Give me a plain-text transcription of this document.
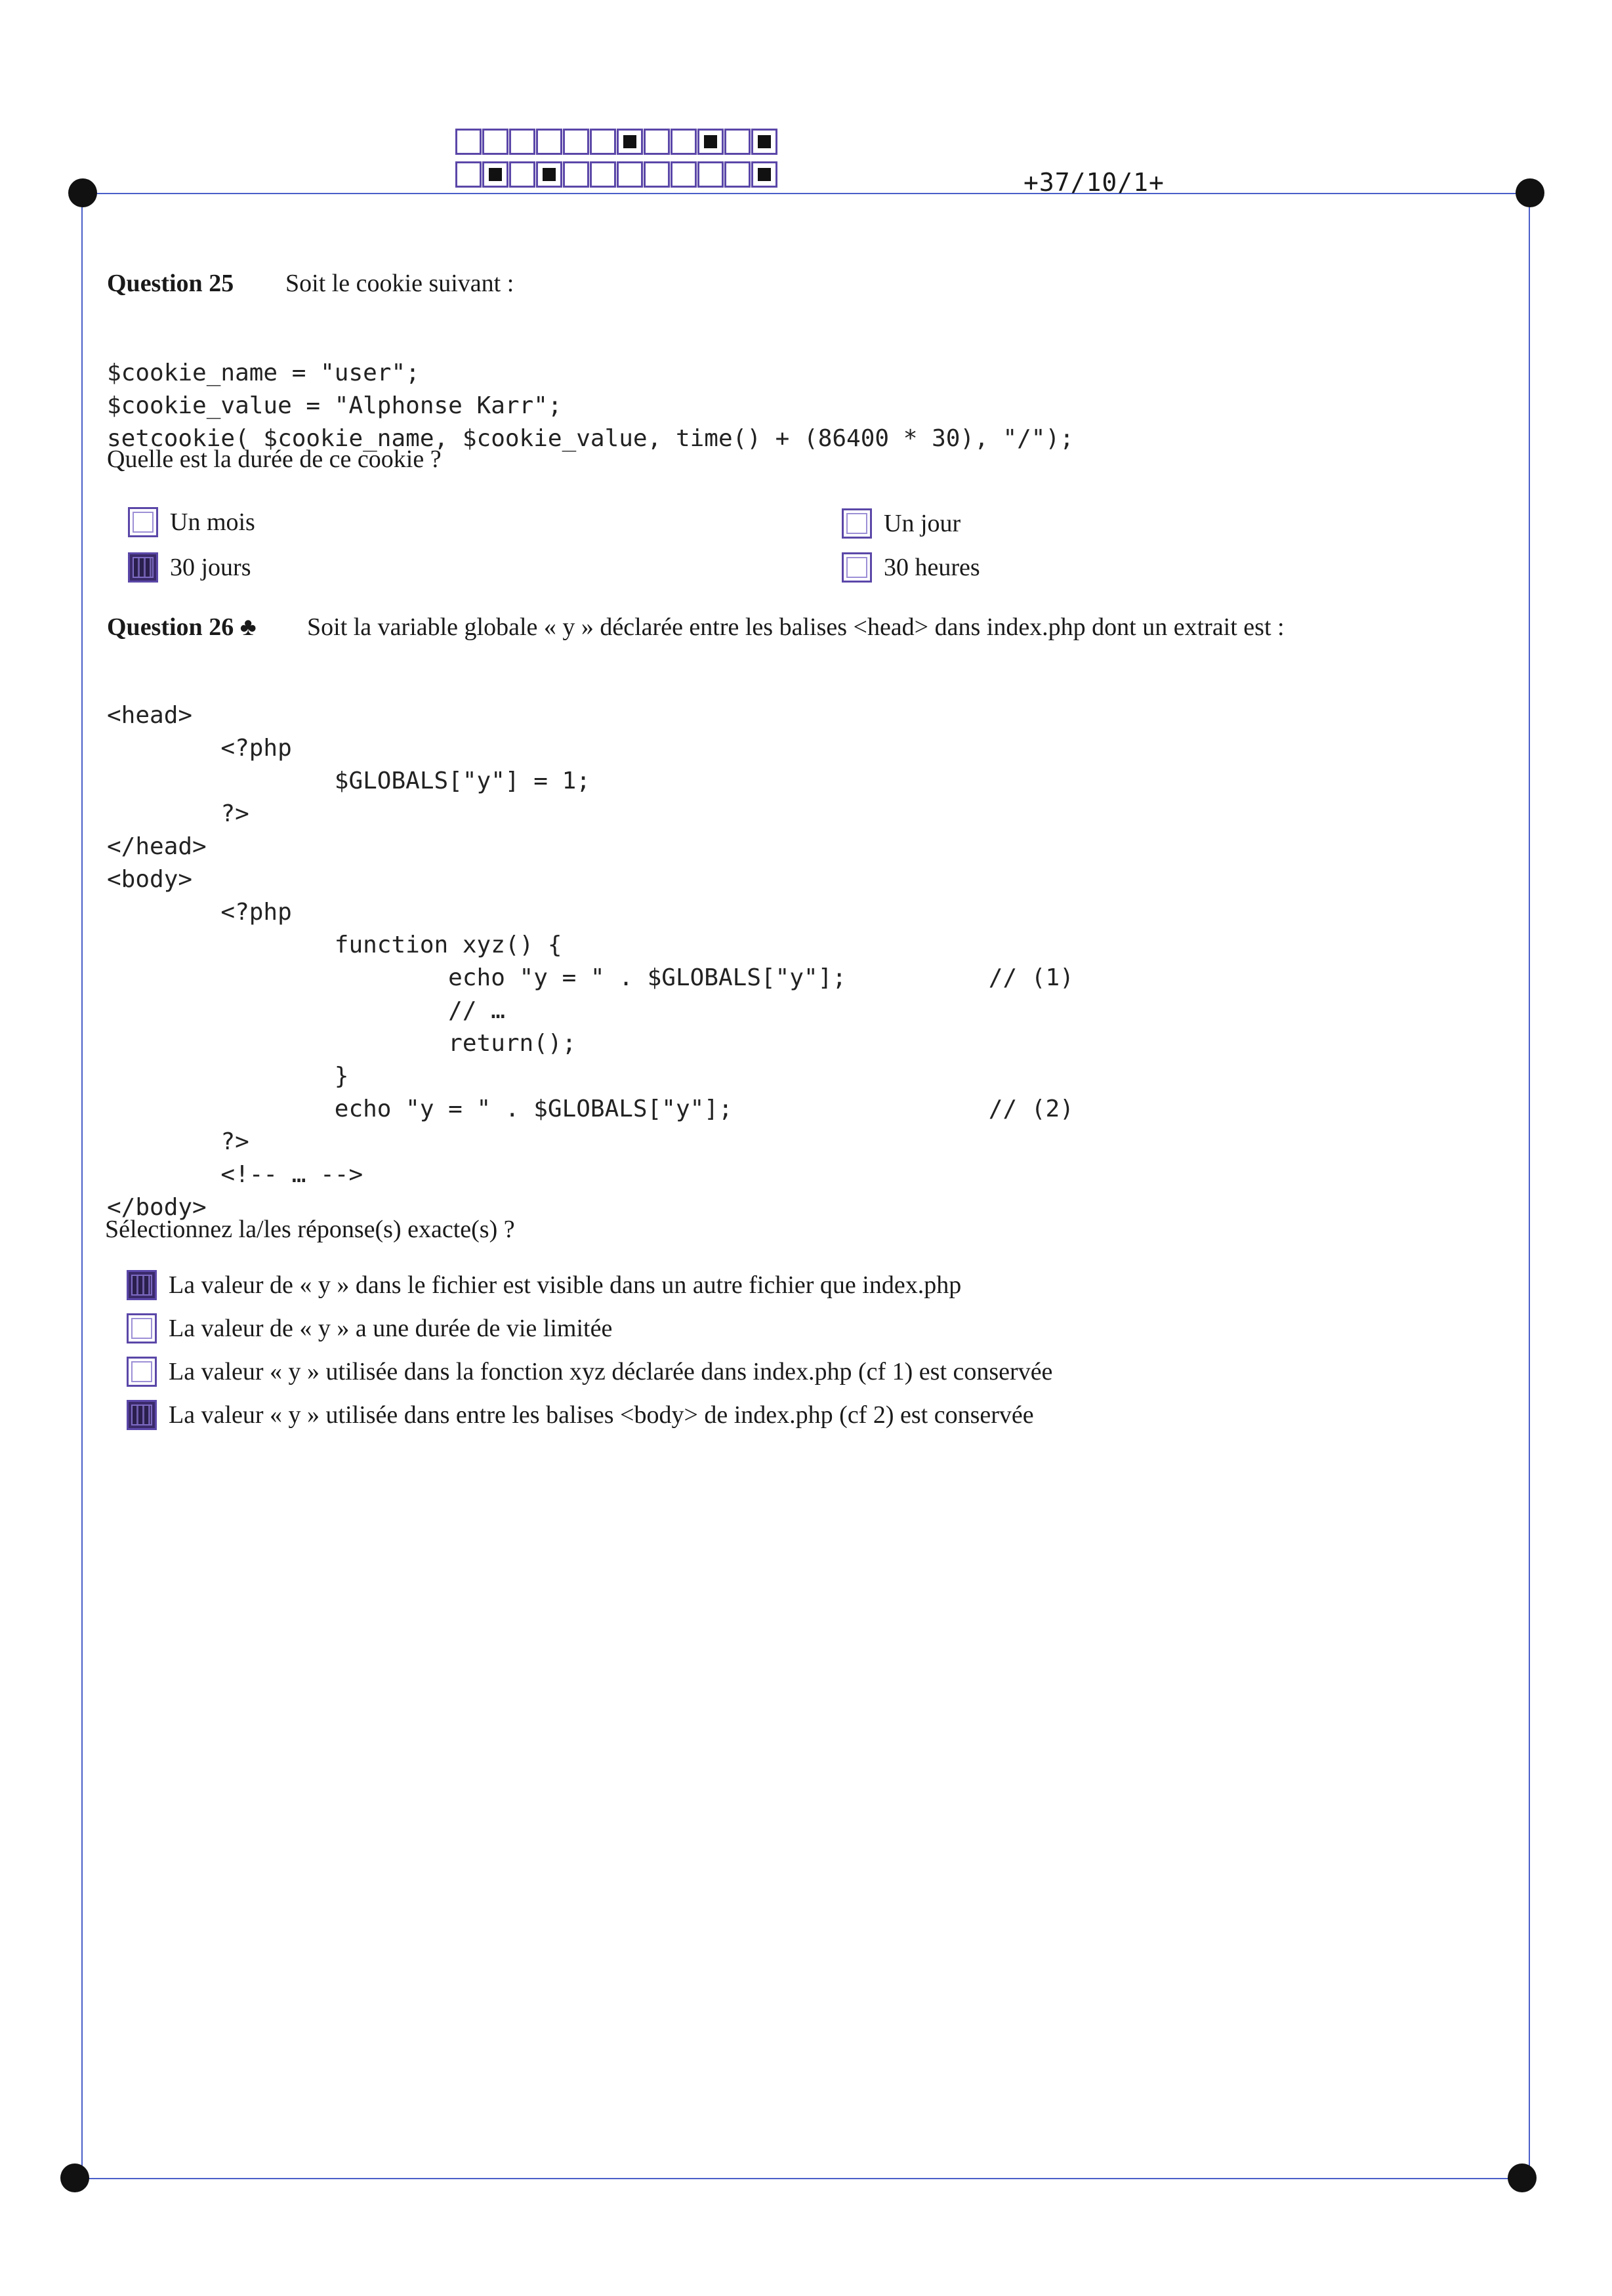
+37/10/1+
Question 25 Soit le cookie suivant :

$cookie_name = "user";
$cookie_value = "Alphonse Karr";
setcookie( $cookie_name, $cookie_value, time() + (86400 * 30), "/");
Quelle est la durée de ce cookie ?
Un mois	Un jour
30 jours	30 heures
Question 26 ♣ Soit la variable globale « y » déclarée entre les balises <head> dans index.php dont un extrait est :

<head>
<?php
$GLOBALS["y"] = 1;
?>
</head>
<body>
<?php
function xyz() {
echo "y = " . $GLOBALS["y"];          // (1)
// …
return();
}
echo "y = " . $GLOBALS["y"];                  // (2)
?>
<!-- … -->
</body>
Sélectionnez la/les réponse(s) exacte(s) ?
La valeur de « y » dans le fichier est visible dans un autre fichier que index.php
La valeur de « y » a une durée de vie limitée
La valeur « y » utilisée dans la fonction xyz déclarée dans index.php (cf 1) est conservée
La valeur « y » utilisée dans entre les balises <body> de index.php (cf 2) est conservée
